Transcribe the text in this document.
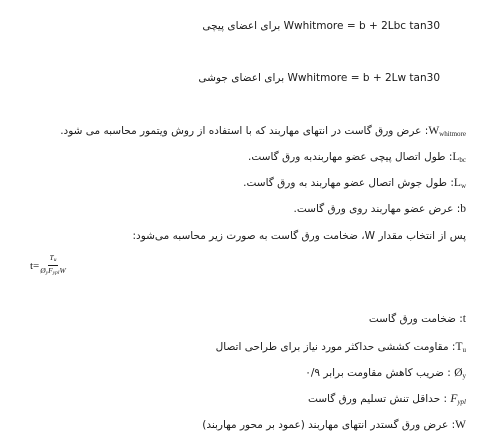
Wwhitmore = b + 2Lbc tan30 برای اعضای پیچی
Wwhitmore = b + 2Lw tan30 برای اعضای جوشی
$W_{whitmore}$: عرض ورق گاست در انتهای مهاربند که با استفاده از روش ویتمور محاسبه می شود.
$L_{bc}$: طول اتصال پیچی عضو مهاربندبه ورق گاست.
$L_w$: طول جوش اتصال عضو مهاربند به ورق گاست.
b: عرض عضو مهاربند روی ورق گاست.
پس از انتخاب مقدار W، ضخامت ورق گاست به صورت زیر محاسبه می‌شود:
$t= \frac{Tu}{\text{ØyFyplW}}$
t: ضخامت ورق گاست
$T_u$: مقاومت کششی حداکثر مورد نیاز برای طراحی اتصال
$Ø_y$ : ضریب کاهش مقاومت برابر ۰/۹
$F_{ypl}$ : حداقل تنش تسلیم ورق گاست
W: عرض ورق گستدر انتهای مهاربند (عمود بر محور مهاربند)
